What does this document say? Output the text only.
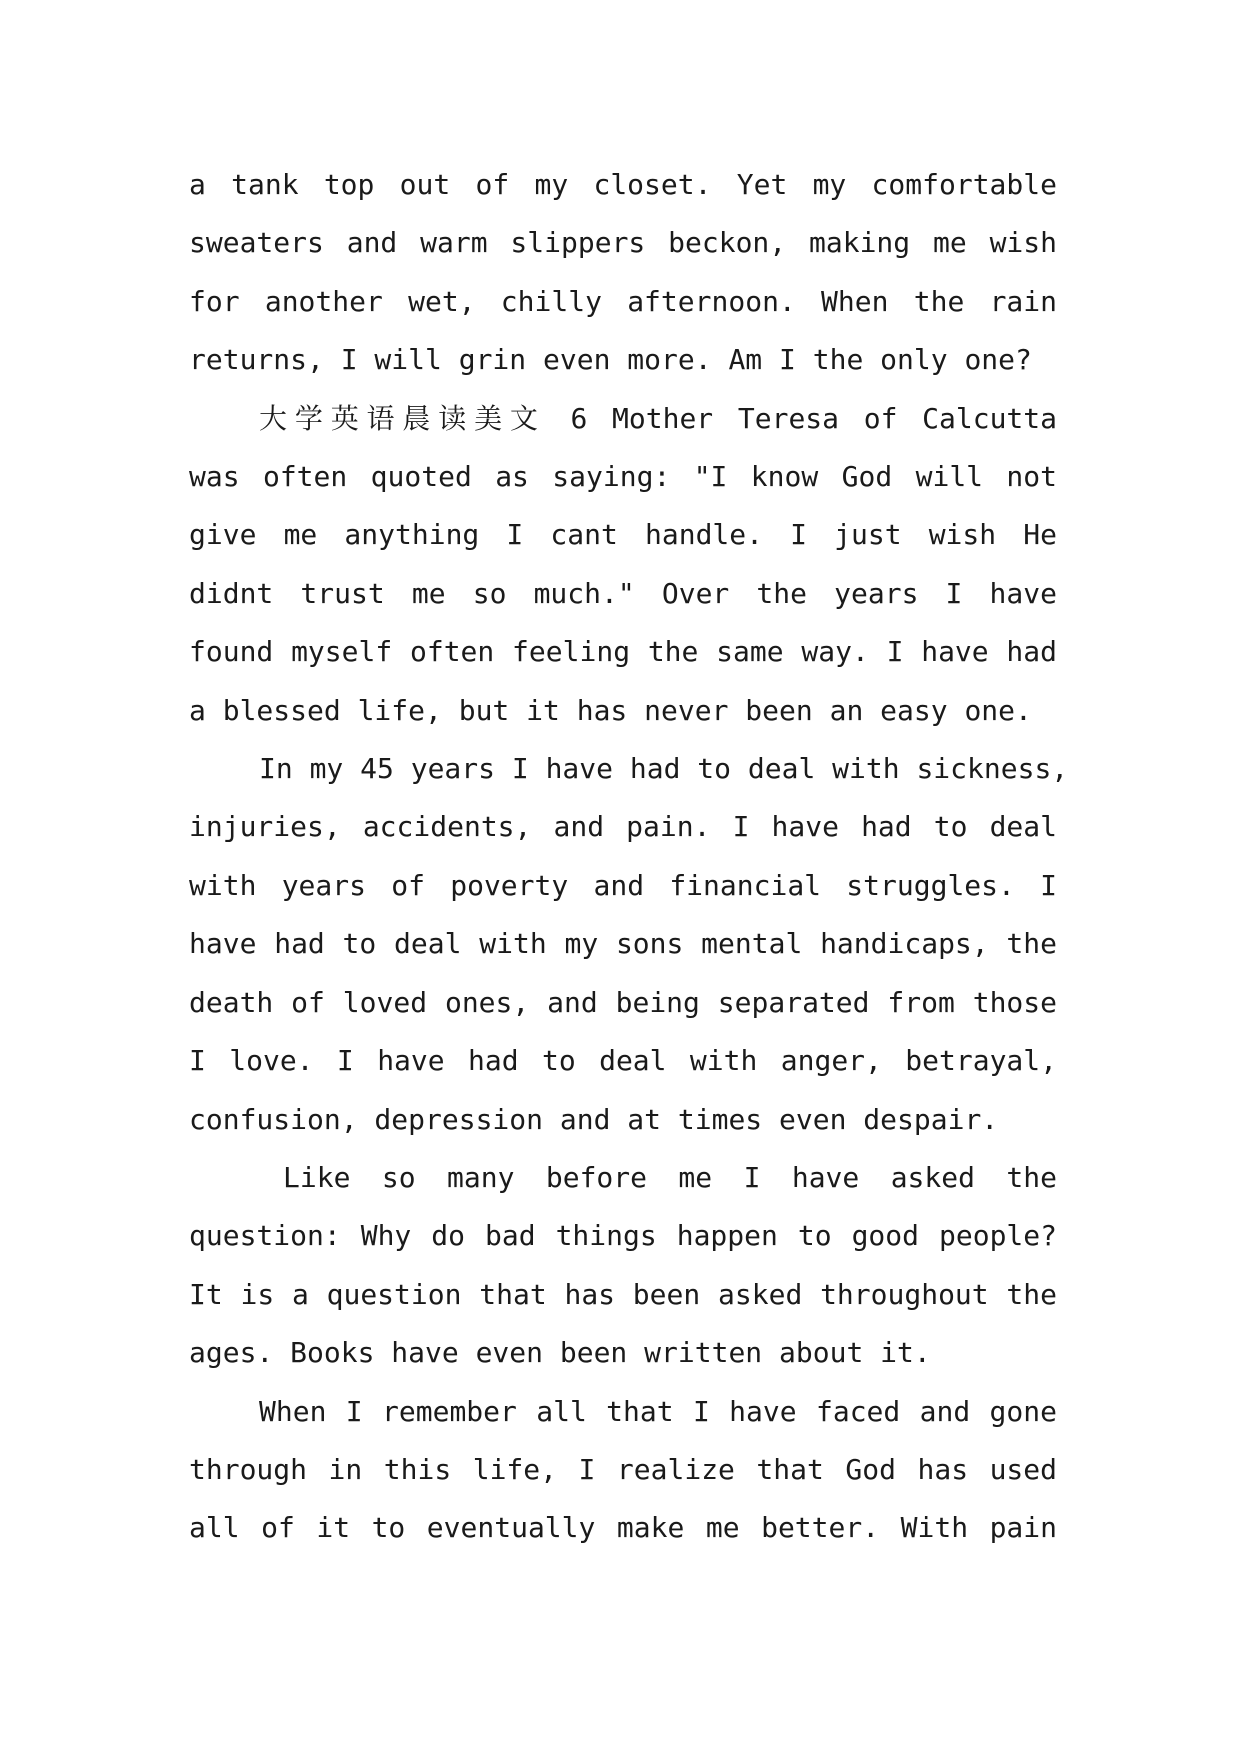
a tank top out of my closet. Yet my comfortable
sweaters and warm slippers beckon, making me wish
for another wet, chilly afternoon. When the rain
returns, I will grin even more. Am I the only one?

大学英语晨读美文 6 Mother Teresa of Calcutta
was often quoted as saying: "I know God will not
give me anything I cant handle. I just wish He
didnt trust me so much." Over the years I have
found myself often feeling the same way. I have had
a blessed life, but it has never been an easy one.

In my 45 years I have had to deal with sickness,
injuries, accidents, and pain. I have had to deal
with years of poverty and financial struggles. I
have had to deal with my sons mental handicaps, the
death of loved ones, and being separated from those
I love. I have had to deal with anger, betrayal,
confusion, depression and at times even despair.

Like so many before me I have asked the
question: Why do bad things happen to good people?
It is a question that has been asked throughout the
ages. Books have even been written about it.

When I remember all that I have faced and gone
through in this life, I realize that God has used
all of it to eventually make me better. With pain
